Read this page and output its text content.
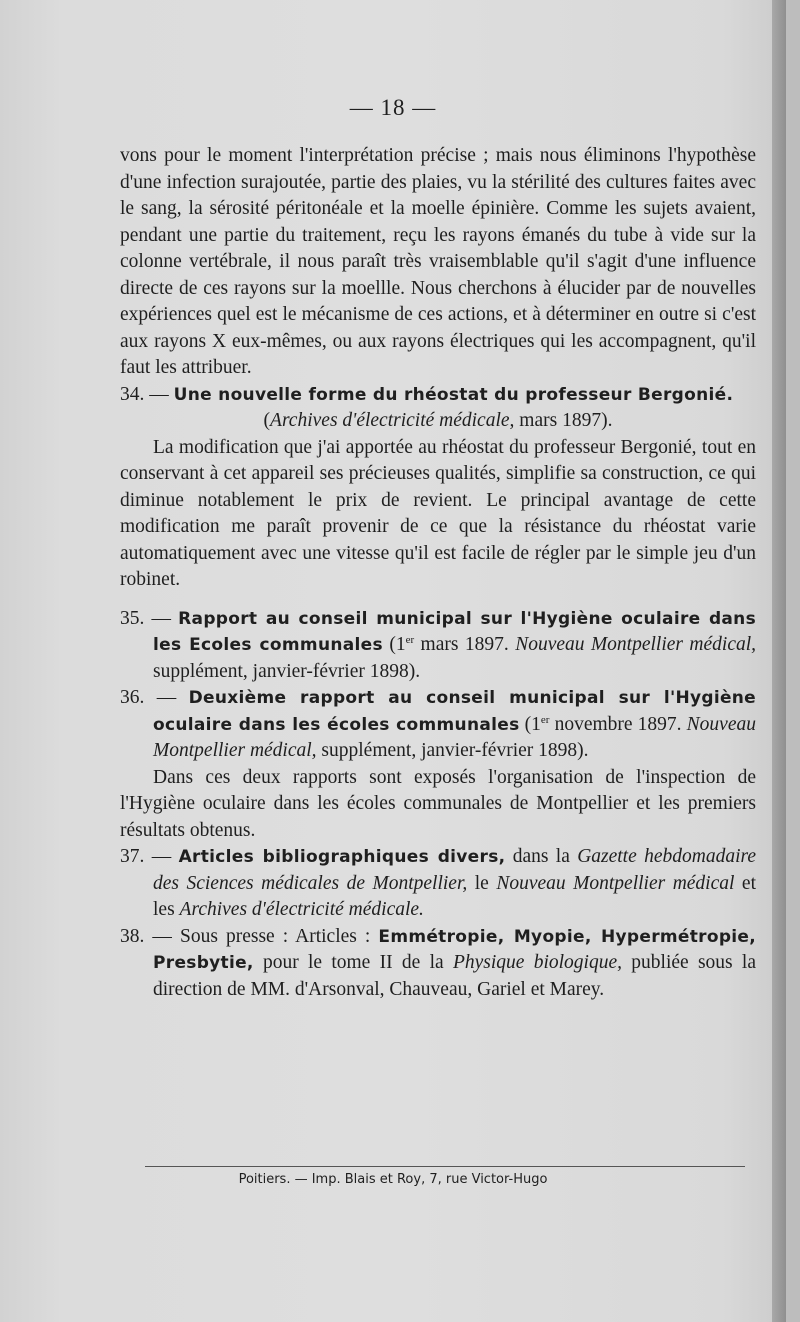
— 18 —

vons pour le moment l'interprétation précise ; mais nous éliminons l'hypothèse d'une infection surajoutée, partie des plaies, vu la stérilité des cultures faites avec le sang, la sérosité péritonéale et la moelle épinière. Comme les sujets avaient, pendant une partie du traitement, reçu les rayons émanés du tube à vide sur la colonne vertébrale, il nous paraît très vraisemblable qu'il s'agit d'une influence directe de ces rayons sur la moellle. Nous cherchons à élucider par de nouvelles expériences quel est le mécanisme de ces actions, et à déterminer en outre si c'est aux rayons X eux-mêmes, ou aux rayons électriques qui les accompagnent, qu'il faut les attribuer.

34. — Une nouvelle forme du rhéostat du professeur Bergonié.

(Archives d'électricité médicale, mars 1897).

La modification que j'ai apportée au rhéostat du professeur Bergonié, tout en conservant à cet appareil ses précieuses qualités, simplifie sa construction, ce qui diminue notablement le prix de revient. Le principal avantage de cette modification me paraît provenir de ce que la résistance du rhéostat varie automatiquement avec une vitesse qu'il est facile de régler par le simple jeu d'un robinet.

35. — Rapport au conseil municipal sur l'Hygiène oculaire dans les Ecoles communales (1er mars 1897. Nouveau Montpellier médical, supplément, janvier-février 1898).

36. — Deuxième rapport au conseil municipal sur l'Hygiène oculaire dans les écoles communales (1er novembre 1897. Nouveau Montpellier médical, supplément, janvier-février 1898).

Dans ces deux rapports sont exposés l'organisation de l'inspection de l'Hygiène oculaire dans les écoles communales de Montpellier et les premiers résultats obtenus.

37. — Articles bibliographiques divers, dans la Gazette hebdomadaire des Sciences médicales de Montpellier, le Nouveau Montpellier médical et les Archives d'électricité médicale.

38. — Sous presse : Articles : Emmétropie, Myopie, Hypermétropie, Presbytie, pour le tome II de la Physique biologique, publiée sous la direction de MM. d'Arsonval, Chauveau, Gariel et Marey.

Poitiers. — Imp. Blais et Roy, 7, rue Victor-Hugo
